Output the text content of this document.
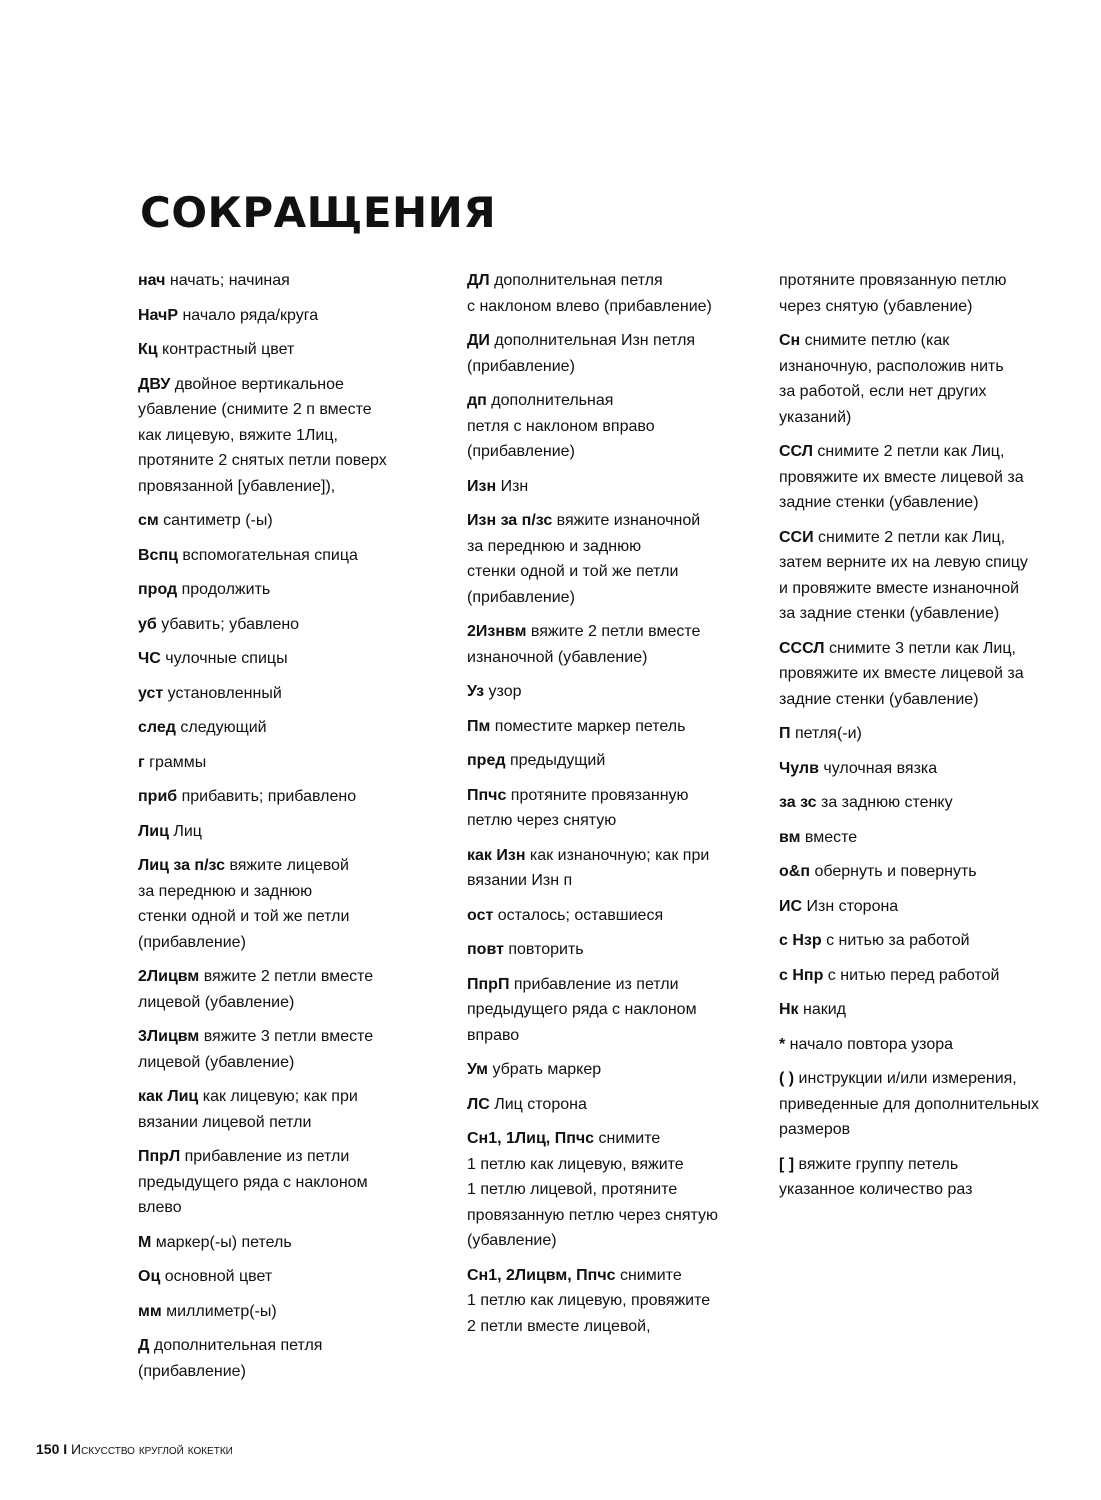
СОКРАЩЕНИЯ
нач начать; начиная
НачР начало ряда/круга
Кц контрастный цвет
ДВУ двойное вертикальное
убавление (снимите 2 п вместе
как лицевую, вяжите 1Лиц,
протяните 2 снятых петли поверх
провязанной [убавление]),
см сантиметр (-ы)
Вспц вспомогательная спица
прод продолжить
уб убавить; убавлено
ЧС чулочные спицы
уст установленный
след следующий
г граммы
приб прибавить; прибавлено
Лиц Лиц
Лиц за п/зс вяжите лицевой
за переднюю и заднюю
стенки одной и той же петли
(прибавление)
2Лицвм вяжите 2 петли вместе
лицевой (убавление)
3Лицвм вяжите 3 петли вместе
лицевой (убавление)
как Лиц как лицевую; как при
вязании лицевой петли
ПпрЛ прибавление из петли
предыдущего ряда с наклоном
влево
М маркер(-ы) петель
Оц основной цвет
мм миллиметр(-ы)
Д дополнительная петля
(прибавление)
ДЛ дополнительная петля
с наклоном влево (прибавление)
ДИ дополнительная Изн петля
(прибавление)
дп дополнительная
петля с наклоном вправо
(прибавление)
Изн Изн
Изн за п/зс вяжите изнаночной
за переднюю и заднюю
стенки одной и той же петли
(прибавление)
2Изнвм вяжите 2 петли вместе
изнаночной (убавление)
Уз узор
Пм поместите маркер петель
пред предыдущий
Ппчс протяните провязанную
петлю через снятую
как Изн как изнаночную; как при
вязании Изн п
ост осталось; оставшиеся
повт повторить
ПпрП прибавление из петли
предыдущего ряда с наклоном
вправо
Ум убрать маркер
ЛС Лиц сторона
Сн1, 1Лиц, Ппчс снимите
1 петлю как лицевую, вяжите
1 петлю лицевой, протяните
провязанную петлю через снятую
(убавление)
Сн1, 2Лицвм, Ппчс снимите
1 петлю как лицевую, провяжите
2 петли вместе лицевой,
протяните провязанную петлю
через снятую (убавление)
Сн снимите петлю (как
изнаночную, расположив нить
за работой, если нет других
указаний)
ССЛ снимите 2 петли как Лиц,
провяжите их вместе лицевой за
задние стенки (убавление)
ССИ снимите 2 петли как Лиц,
затем верните их на левую спицу
и провяжите вместе изнаночной
за задние стенки (убавление)
СССЛ снимите 3 петли как Лиц,
провяжите их вместе лицевой за
задние стенки (убавление)
П петля(-и)
Чулв чулочная вязка
за зс за заднюю стенку
вм вместе
о&п обернуть и повернуть
ИС Изн сторона
с Нзр с нитью за работой
с Нпр с нитью перед работой
Нк накид
* начало повтора узора
( ) инструкции и/или измерения,
приведенные для дополнительных
размеров
[ ] вяжите группу петель
указанное количество раз
150 I Искусство круглой кокетки
